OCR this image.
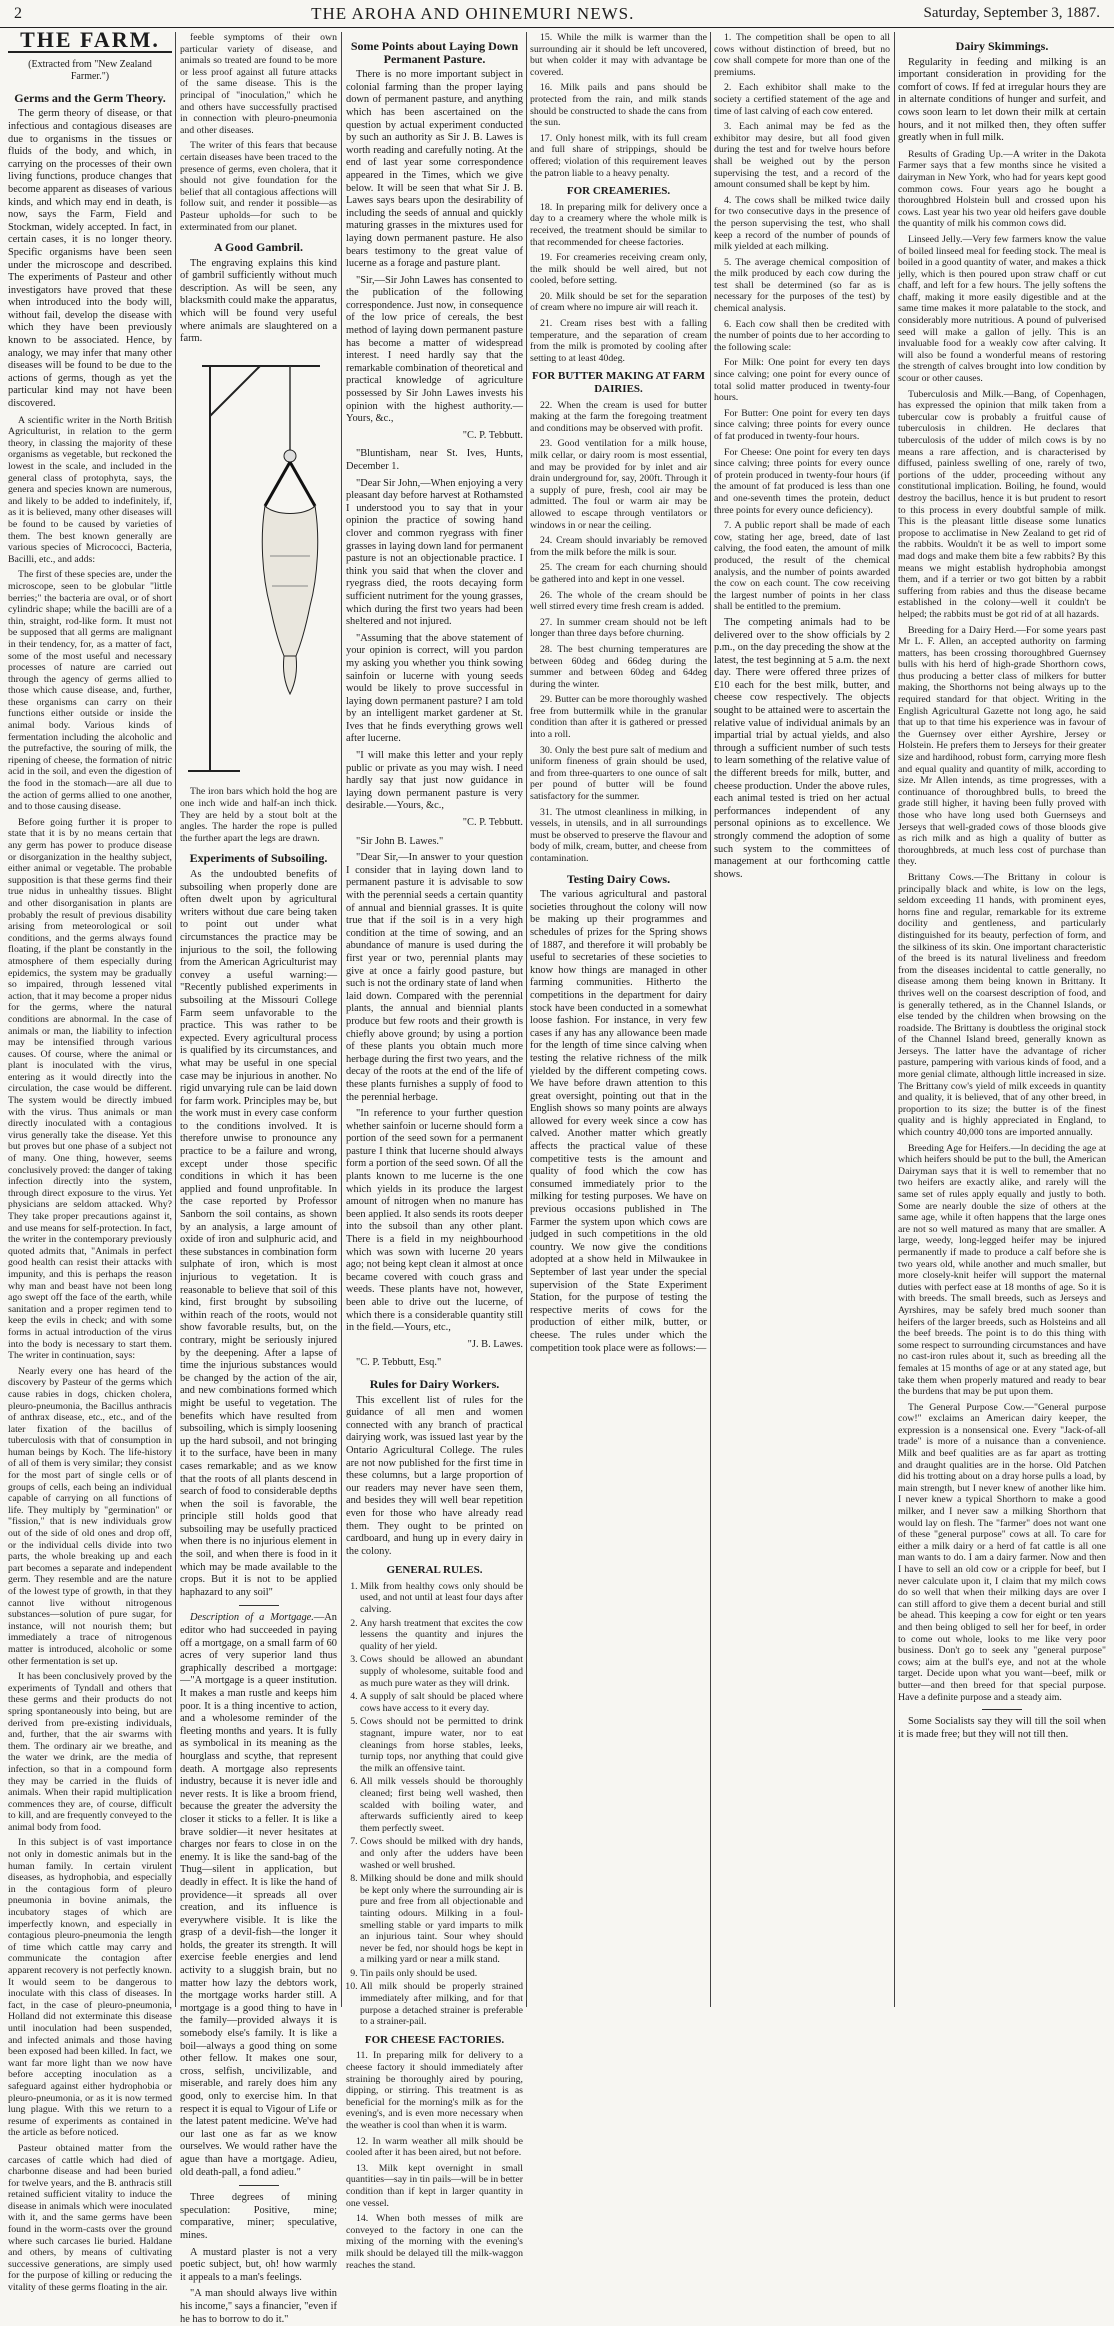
2	THE AROHA AND OHINEMURI NEWS.	Saturday, September 3, 1887.
THE FARM.
(Extracted from "New Zealand Farmer.")
Germs and the Germ Theory.

The germ theory of disease, or that infectious and contagious diseases are due to organisms in the tissues or fluids of the body, and which, in carrying on the processes of their own living functions, produce changes that become apparent as diseases of various kinds, and which may end in death, is now, says the Farm, Field and Stockman, widely accepted. In fact, in certain cases, it is no longer theory. Specific organisms have been seen under the microscope and described. The experiments of Pasteur and other investigators have proved that these when introduced into the body will, without fail, develop the disease with which they have been previously known to be associated. Hence, by analogy, we may infer that many other diseases will be found to be due to the actions of germs, though as yet the particular kind may not have been discovered.

A scientific writer in the North British Agriculturist, in relation to the germ theory, in classing the majority of these organisms as vegetable, but reckoned the lowest in the scale, and included in the general class of protophyta, says, the genera and species known are numerous, and likely to be added to indefinitely, if, as it is believed, many other diseases will be found to be caused by varieties of them. The best known generally are various species of Micrococci, Bacteria, Bacilli, etc., and adds:

The first of these species are, under the microscope, seen to be globular "little berries;" the bacteria are oval, or of short cylindric shape; while the bacilli are of a thin, straight, rod-like form. It must not be supposed that all germs are malignant in their tendency, for, as a matter of fact, some of the most useful and necessary processes of nature are carried out through the agency of germs allied to those which cause disease, and, further, these organisms can carry on their functions either outside or inside the animal body. Various kinds of fermentation including the alcoholic and the putrefactive, the souring of milk, the ripening of cheese, the formation of nitric acid in the soil, and even the digestion of the food in the stomach—are all due to the action of germs allied to one another, and to those causing disease.

Before going further it is proper to state that it is by no means certain that any germ has power to produce disease or disorganization in the healthy subject, either animal or vegetable. The probable supposition is that these germs find their true nidus in unhealthy tissues. Blight and other disorganisation in plants are probably the result of previous disability arising from meteorological or soil conditions, and the germs always found floating, if the plant be constantly in the atmosphere of them especially during epidemics, the system may be gradually so impaired, through lessened vital action, that it may become a proper nidus for the germs, where the natural conditions are abnormal. In the case of animals or man, the liability to infection may be intensified through various causes. Of course, where the animal or plant is inoculated with the virus, entering as it would directly into the circulation, the case would be different. The system would be directly imbued with the virus. Thus animals or man directly inoculated with a contagious virus generally take the disease. Yet this but proves but one phase of a subject not of many. One thing, however, seems conclusively proved: the danger of taking infection directly into the system, through direct exposure to the virus. Yet physicians are seldom attacked. Why? They take proper precautions against it, and use means for self-protection. In fact, the writer in the contemporary previously quoted admits that, "Animals in perfect good health can resist their attacks with impunity, and this is perhaps the reason why man and beast have not been long ago swept off the face of the earth, while sanitation and a proper regimen tend to keep the evils in check; and with some forms in actual introduction of the virus into the body is necessary to start them. The writer in continuation, says:

Nearly every one has heard of the discovery by Pasteur of the germs which cause rabies in dogs, chicken cholera, pleuro-pneumonia, the Bacillus anthracis of anthrax disease, etc., etc., and of the later fixation of the bacillus of tuberculosis with that of consumption in human beings by Koch. The life-history of all of them is very similar; they consist for the most part of single cells or of groups of cells, each being an individual capable of carrying on all functions of life. They multiply by "germination" or "fission," that is new individuals grow out of the side of old ones and drop off, or the individual cells divide into two parts, the whole breaking up and each part becomes a separate and independent germ. They resemble and are the nature of the lowest type of growth, in that they cannot live without nitrogenous substances—solution of pure sugar, for instance, will not nourish them; but immediately a trace of nitrogenous matter is introduced, alcoholic or some other fermentation is set up.

It has been conclusively proved by the experiments of Tyndall and others that these germs and their products do not spring spontaneously into being, but are derived from pre-existing individuals, and, further, that the air swarms with them. The ordinary air we breathe, and the water we drink, are the media of infection, so that in a compound form they may be carried in the fluids of animals. When their rapid multiplication commences they are, of course, difficult to kill, and are frequently conveyed to the animal body from food.

In this subject is of vast importance not only in domestic animals but in the human family. In certain virulent diseases, as hydrophobia, and especially in the contagious form of pleuro pneumonia in bovine animals, the incubatory stages of which are imperfectly known, and especially in contagious pleuro-pneumonia the length of time which cattle may carry and communicate the contagion after apparent recovery is not perfectly known. It would seem to be dangerous to inoculate with this class of diseases. In fact, in the case of pleuro-pneumonia, Holland did not exterminate this disease until inoculation had been suspended, and infected animals and those having been exposed had been killed. In fact, we want far more light than we now have before accepting inoculation as a safeguard against either hydrophobia or pleuro-pneumonia, or as it is now termed lung plague. With this we return to a resume of experiments as contained in the article as before noticed.

Pasteur obtained matter from the carcases of cattle which had died of charbonne disease and had been buried for twelve years, and the B. anthracis still retained sufficient vitality to induce the disease in animals which were inoculated with it, and the same germs have been found in the worm-casts over the ground where such carcases lie buried. Haldane and others, by means of cultivating successive generations, are simply used for the purpose of killing or reducing the vitality of these germs floating in the air.

feeble symptoms of their own particular variety of disease, and animals so treated are found to be more or less proof against all future attacks of the same disease. This is the principal of "inoculation," which he and others have successfully practised in connection with pleuro-pneumonia and other diseases.

The writer of this fears that because certain diseases have been traced to the presence of germs, even cholera, that it should not give foundation for the belief that all contagious affections will follow suit, and render it possible—as Pasteur upholds—for such to be exterminated from our planet.

A Good Gambril.

The engraving explains this kind of gambril sufficiently without much description. As will be seen, any blacksmith could make the apparatus, which will be found very useful where animals are slaughtered on a farm.

The iron bars which hold the hog are one inch wide and half-an inch thick. They are held by a stout bolt at the angles. The harder the rope is pulled the further apart the legs are drawn.

Experiments of Subsoiling.

As the undoubted benefits of subsoiling when properly done are often dwelt upon by agricultural writers without due care being taken to point out under what circumstances the practice may be injurious to the soil, the following from the American Agriculturist may convey a useful warning:— "Recently published experiments in subsoiling at the Missouri College Farm seem unfavorable to the practice. This was rather to be expected. Every agricultural process is qualified by its circumstances, and what may be useful in one special case may be injurious in another. No rigid unvarying rule can be laid down for farm work. Principles may be, but the work must in every case conform to the conditions involved. It is therefore unwise to pronounce any practice to be a failure and wrong, except under those specific conditions in which it has been applied and found unprofitable. In the case reported by Professor Sanborn the soil contains, as shown by an analysis, a large amount of oxide of iron and sulphuric acid, and these substances in combination form sulphate of iron, which is most injurious to vegetation. It is reasonable to believe that soil of this kind, first brought by subsoiling within reach of the roots, would not show favorable results, but, on the contrary, might be seriously injured by the deepening. After a lapse of time the injurious substances would be changed by the action of the air, and new combinations formed which might be useful to vegetation. The benefits which have resulted from subsoiling, which is simply loosening up the hard subsoil, and not bringing it to the surface, have been in many cases remarkable; and as we know that the roots of all plants descend in search of food to considerable depths when the soil is favorable, the principle still holds good that subsoiling may be usefully practiced when there is no injurious element in the soil, and when there is food in it which may be made available to the crops. But it is not to be applied haphazard to any soil"

Description of a Mortgage.—An editor who had succeeded in paying off a mortgage, on a small farm of 60 acres of very superior land thus graphically described a mortgage:—"A mortgage is a queer institution. It makes a man rustle and keeps him poor. It is a thing incentive to action, and a wholesome reminder of the fleeting months and years. It is fully as symbolical in its meaning as the hourglass and scythe, that represent death. A mortgage also represents industry, because it is never idle and never rests. It is like a broom friend, because the greater the adversity the closer it sticks to a feller. It is like a brave soldier—it never hesitates at charges nor fears to close in on the enemy. It is like the sand-bag of the Thug—silent in application, but deadly in effect. It is like the hand of providence—it spreads all over creation, and its influence is everywhere visible. It is like the grasp of a devil-fish—the longer it holds, the greater its strength. It will exercise feeble energies and lend activity to a sluggish brain, but no matter how lazy the debtors work, the mortgage works harder still. A mortgage is a good thing to have in the family—provided always it is somebody else's family. It is like a boil—always a good thing on some other fellow. It makes one sour, cross, selfish, uncivilizable, and miserable, and rarely does him any good, only to exercise him. In that respect it is equal to Vigour of Life or the latest patent medicine. We've had our last one as far as we know ourselves. We would rather have the ague than have a mortgage. Adieu, old death-pall, a fond adieu."

Three degrees of mining speculation: Positive, mine; comparative, miner; speculative, mines.

A mustard plaster is not a very poetic subject, but, oh! how warmly it appeals to a man's feelings.

"A man should always live within his income," says a financier, "even if he has to borrow to do it."

Some Points about Laying Down Permanent Pasture.

There is no more important subject in colonial farming than the proper laying down of permanent pasture, and anything which has been ascertained on the question by actual experiment conducted by such an authority as Sir J. B. Lawes is worth reading and carefully noting. At the end of last year some correspondence appeared in the Times, which we give below. It will be seen that what Sir J. B. Lawes says bears upon the desirability of including the seeds of annual and quickly maturing grasses in the mixtures used for laying down permanent pasture. He also bears testimony to the great value of lucerne as a forage and pasture plant.

"Sir,—Sir John Lawes has consented to the publication of the following correspondence. Just now, in consequence of the low price of cereals, the best method of laying down permanent pasture has become a matter of widespread interest. I need hardly say that the remarkable combination of theoretical and practical knowledge of agriculture possessed by Sir John Lawes invests his opinion with the highest authority.—Yours, &c.,

"C. P. Tebbutt.

"Bluntisham, near St. Ives, Hunts, December 1.

"Dear Sir John,—When enjoying a very pleasant day before harvest at Rothamsted I understood you to say that in your opinion the practice of sowing hand clover and common ryegrass with finer grasses in laying down land for permanent pasture is not an objectionable practice. I think you said that when the clover and ryegrass died, the roots decaying form sufficient nutriment for the young grasses, which during the first two years had been sheltered and not injured.

"Assuming that the above statement of your opinion is correct, will you pardon my asking you whether you think sowing sainfoin or lucerne with young seeds would be likely to prove successful in laying down permanent pasture? I am told by an intelligent market gardener at St. Ives that he finds everything grows well after lucerne.

"I will make this letter and your reply public or private as you may wish. I need hardly say that just now guidance in laying down permanent pasture is very desirable.—Yours, &c.,

"C. P. Tebbutt.

"Sir John B. Lawes."

"Dear Sir,—In answer to your question I consider that in laying down land to permanent pasture it is advisable to sow with the perennial seeds a certain quantity of annual and biennial grasses. It is quite true that if the soil is in a very high condition at the time of sowing, and an abundance of manure is used during the first year or two, perennial plants may give at once a fairly good pasture, but such is not the ordinary state of land when laid down. Compared with the perennial plants, the annual and biennial plants produce but few roots and their growth is chiefly above ground; by using a portion of these plants you obtain much more herbage during the first two years, and the decay of the roots at the end of the life of these plants furnishes a supply of food to the perennial herbage.

"In reference to your further question whether sainfoin or lucerne should form a portion of the seed sown for a permanent pasture I think that lucerne should always form a portion of the seed sown. Of all the plants known to me lucerne is the one which yields in its produce the largest amount of nitrogen when no manure has been applied. It also sends its roots deeper into the subsoil than any other plant. There is a field in my neighbourhood which was sown with lucerne 20 years ago; not being kept clean it almost at once became covered with couch grass and weeds. These plants have not, however, been able to drive out the lucerne, of which there is a considerable quantity still in the field.—Yours, etc.,

"J. B. Lawes.

"C. P. Tebbutt, Esq."

Rules for Dairy Workers.

This excellent list of rules for the guidance of all men and women connected with any branch of practical dairying work, was issued last year by the Ontario Agricultural College. The rules are not now published for the first time in these columns, but a large proportion of our readers may never have seen them, and besides they will well bear repetition even for those who have already read them. They ought to be printed on cardboard, and hung up in every dairy in the colony.

GENERAL RULES.
1. Milk from healthy cows only should be used, and not until at least four days after calving.
2. Any harsh treatment that excites the cow lessens the quantity and injures the quality of her yield.
3. Cows should be allowed an abundant supply of wholesome, suitable food and as much pure water as they will drink.
4. A supply of salt should be placed where cows have access to it every day.
5. Cows should not be permitted to drink stagnant, impure water, nor to eat cleanings from horse stables, leeks, turnip tops, nor anything that could give the milk an offensive taint.
6. All milk vessels should be thoroughly cleaned; first being well washed, then scalded with boiling water, and afterwards sufficiently aired to keep them perfectly sweet.
7. Cows should be milked with dry hands, and only after the udders have been washed or well brushed.
8. Milking should be done and milk should be kept only where the surrounding air is pure and free from all objectionable and tainting odours. Milking in a foul-smelling stable or yard imparts to milk an injurious taint. Sour whey should never be fed, nor should hogs be kept in a milking yard or near a milk stand.
9. Tin pails only should be used.
10. All milk should be properly strained immediately after milking, and for that purpose a detached strainer is preferable to a strainer-pail.
FOR CHEESE FACTORIES.

11. In preparing milk for delivery to a cheese factory it should immediately after straining be thoroughly aired by pouring, dipping, or stirring. This treatment is as beneficial for the morning's milk as for the evening's, and is even more necessary when the weather is cool than when it is warm.

12. In warm weather all milk should be cooled after it has been aired, but not before.

13. Milk kept overnight in small quantities—say in tin pails—will be in better condition than if kept in larger quantity in one vessel.

14. When both messes of milk are conveyed to the factory in one can the mixing of the morning with the evening's milk should be delayed till the milk-waggon reaches the stand.

15. While the milk is warmer than the surrounding air it should be left uncovered, but when colder it may with advantage be covered.

16. Milk pails and pans should be protected from the rain, and milk stands should be constructed to shade the cans from the sun.

17. Only honest milk, with its full cream and full share of strippings, should be offered; violation of this requirement leaves the patron liable to a heavy penalty.

FOR CREAMERIES.

18. In preparing milk for delivery once a day to a creamery where the whole milk is received, the treatment should be similar to that recommended for cheese factories.

19. For creameries receiving cream only, the milk should be well aired, but not cooled, before setting.

20. Milk should be set for the separation of cream where no impure air will reach it.

21. Cream rises best with a falling temperature, and the separation of cream from the milk is promoted by cooling after setting to at least 40deg.

FOR BUTTER MAKING AT FARM DAIRIES.

22. When the cream is used for butter making at the farm the foregoing treatment and conditions may be observed with profit.

23. Good ventilation for a milk house, milk cellar, or dairy room is most essential, and may be provided for by inlet and air drain underground for, say, 200ft. Through it a supply of pure, fresh, cool air may be admitted. The foul or warm air may be allowed to escape through ventilators or windows in or near the ceiling.

24. Cream should invariably be removed from the milk before the milk is sour.

25. The cream for each churning should be gathered into and kept in one vessel.

26. The whole of the cream should be well stirred every time fresh cream is added.

27. In summer cream should not be left longer than three days before churning.

28. The best churning temperatures are between 60deg and 66deg during the summer and between 60deg and 64deg during the winter.

29. Butter can be more thoroughly washed free from buttermilk while in the granular condition than after it is gathered or pressed into a roll.

30. Only the best pure salt of medium and uniform fineness of grain should be used, and from three-quarters to one ounce of salt per pound of butter will be found satisfactory for the summer.

31. The utmost cleanliness in milking, in vessels, in utensils, and in all surroundings must be observed to preserve the flavour and body of milk, cream, butter, and cheese from contamination.

Testing Dairy Cows.

The various agricultural and pastoral societies throughout the colony will now be making up their programmes and schedules of prizes for the Spring shows of 1887, and therefore it will probably be useful to secretaries of these societies to know how things are managed in other farming communities. Hitherto the competitions in the department for dairy stock have been conducted in a somewhat loose fashion. For instance, in very few cases if any has any allowance been made for the length of time since calving when testing the relative richness of the milk yielded by the different competing cows. We have before drawn attention to this great oversight, pointing out that in the English shows so many points are always allowed for every week since a cow has calved. Another matter which greatly affects the practical value of these competitive tests is the amount and quality of food which the cow has consumed immediately prior to the milking for testing purposes. We have on previous occasions published in The Farmer the system upon which cows are judged in such competitions in the old country. We now give the conditions adopted at a show held in Milwaukee in September of last year under the special supervision of the State Experiment Station, for the purpose of testing the respective merits of cows for the production of either milk, butter, or cheese. The rules under which the competition took place were as follows:—

1. The competition shall be open to all cows without distinction of breed, but no cow shall compete for more than one of the premiums.

2. Each exhibitor shall make to the society a certified statement of the age and time of last calving of each cow entered.

3. Each animal may be fed as the exhibitor may desire, but all food given during the test and for twelve hours before shall be weighed out by the person supervising the test, and a record of the amount consumed shall be kept by him.

4. The cows shall be milked twice daily for two consecutive days in the presence of the person supervising the test, who shall keep a record of the number of pounds of milk yielded at each milking.

5. The average chemical composition of the milk produced by each cow during the test shall be determined (so far as is necessary for the purposes of the test) by chemical analysis.

6. Each cow shall then be credited with the number of points due to her according to the following scale:

For Milk: One point for every ten days since calving; one point for every ounce of total solid matter produced in twenty-four hours.

For Butter: One point for every ten days since calving; three points for every ounce of fat produced in twenty-four hours.

For Cheese: One point for every ten days since calving; three points for every ounce of protein produced in twenty-four hours (if the amount of fat produced is less than one and one-seventh times the protein, deduct three points for every ounce deficiency).

7. A public report shall be made of each cow, stating her age, breed, date of last calving, the food eaten, the amount of milk produced, the result of the chemical analysis, and the number of points awarded the cow on each count. The cow receiving the largest number of points in her class shall be entitled to the premium.

The competing animals had to be delivered over to the show officials by 2 p.m., on the day preceding the show at the latest, the test beginning at 5 a.m. the next day. There were offered three prizes of £10 each for the best milk, butter, and cheese cow respectively. The objects sought to be attained were to ascertain the relative value of individual animals by an impartial trial by actual yields, and also through a sufficient number of such tests to learn something of the relative value of the different breeds for milk, butter, and cheese production. Under the above rules, each animal tested is tried on her actual performances independent of any personal opinions as to excellence. We strongly commend the adoption of some such system to the committees of management at our forthcoming cattle shows.

Dairy Skimmings.

Regularity in feeding and milking is an important consideration in providing for the comfort of cows. If fed at irregular hours they are in alternate conditions of hunger and surfeit, and cows soon learn to let down their milk at certain hours, and it not milked then, they often suffer greatly when in full milk.

Results of Grading Up.—A writer in the Dakota Farmer says that a few months since he visited a dairyman in New York, who had for years kept good common cows. Four years ago he bought a thoroughbred Holstein bull and crossed upon his cows. Last year his two year old heifers gave double the quantity of milk his common cows did.

Linseed Jelly.—Very few farmers know the value of boiled linseed meal for feeding stock. The meal is boiled in a good quantity of water, and makes a thick jelly, which is then poured upon straw chaff or cut chaff, and left for a few hours. The jelly softens the chaff, making it more easily digestible and at the same time makes it more palatable to the stock, and considerably more nutritious. A pound of pulverised seed will make a gallon of jelly. This is an invaluable food for a weakly cow after calving. It will also be found a wonderful means of restoring the strength of calves brought into low condition by scour or other causes.

Tuberculosis and Milk.—Bang, of Copenhagen, has expressed the opinion that milk taken from a tubercular cow is probably a fruitful cause of tuberculosis in children. He declares that tuberculosis of the udder of milch cows is by no means a rare affection, and is characterised by diffused, painless swelling of one, rarely of two, portions of the udder, proceeding without any constitutional implication. Boiling, he found, would destroy the bacillus, hence it is but prudent to resort to this process in every doubtful sample of milk. This is the pleasant little disease some lunatics propose to acclimatise in New Zealand to get rid of the rabbits. Wouldn't it be as well to import some mad dogs and make them bite a few rabbits? By this means we might establish hydrophobia amongst them, and if a terrier or two got bitten by a rabbit suffering from rabies and thus the disease became established in the colony—well it couldn't be helped; the rabbits must be got rid of at all hazards.

Breeding for a Dairy Herd.—For some years past Mr L. F. Allen, an accepted authority on farming matters, has been crossing thoroughbred Guernsey bulls with his herd of high-grade Shorthorn cows, thus producing a better class of milkers for butter making, the Shorthorns not being always up to the required standard for that object. Writing in the English Agricultural Gazette not long ago, he said that up to that time his experience was in favour of the Guernsey over either Ayrshire, Jersey or Holstein. He prefers them to Jerseys for their greater size and hardihood, robust form, carrying more flesh and equal quality and quantity of milk, according to size. Mr Allen intends, as time progresses, with a continuance of thoroughbred bulls, to breed the grade still higher, it having been fully proved with those who have long used both Guernseys and Jerseys that well-graded cows of those bloods give as rich milk and as high a quality of butter as thoroughbreds, at much less cost of purchase than they.

Brittany Cows.—The Brittany in colour is principally black and white, is low on the legs, seldom exceeding 11 hands, with prominent eyes, horns fine and regular, remarkable for its extreme docility and gentleness, and particularly distinguished for its beauty, perfection of form, and the silkiness of its skin. One important characteristic of the breed is its natural liveliness and freedom from the diseases incidental to cattle generally, no disease among them being known in Brittany. It thrives well on the coarsest description of food, and is generally tethered, as in the Channel Islands, or else tended by the children when browsing on the roadside. The Brittany is doubtless the original stock of the Channel Island breed, generally known as Jerseys. The latter have the advantage of richer pasture, pampering with various kinds of food, and a more genial climate, although little increased in size. The Brittany cow's yield of milk exceeds in quantity and quality, it is believed, that of any other breed, in proportion to its size; the butter is of the finest quality and is highly appreciated in England, to which country 40,000 tons are imported annually.

Breeding Age for Heifers.—In deciding the age at which heifers should be put to the bull, the American Dairyman says that it is well to remember that no two heifers are exactly alike, and rarely will the same set of rules apply equally and justly to both. Some are nearly double the size of others at the same age, while it often happens that the large ones are not so well matured as many that are smaller. A large, weedy, long-legged heifer may be injured permanently if made to produce a calf before she is two years old, while another and much smaller, but more closely-knit heifer will support the maternal duties with perfect ease at 18 months of age. So it is with breeds. The small breeds, such as Jerseys and Ayrshires, may be safely bred much sooner than heifers of the larger breeds, such as Holsteins and all the beef breeds. The point is to do this thing with some respect to surrounding circumstances and have no cast-iron rules about it, such as breeding all the females at 15 months of age or at any stated age, but take them when properly matured and ready to bear the burdens that may be put upon them.

The General Purpose Cow.—"General purpose cow!" exclaims an American dairy keeper, the expression is a nonsensical one. Every "Jack-of-all trade" is more of a nuisance than a convenience. Milk and beef qualities are as far apart as trotting and draught qualities are in the horse. Old Patchen did his trotting about on a dray horse pulls a load, by main strength, but I never knew of another like him. I never knew a typical Shorthorn to make a good milker, and I never saw a milking Shorthorn that would lay on flesh. The "farmer" does not want one of these "general purpose" cows at all. To care for either a milk dairy or a herd of fat cattle is all one man wants to do. I am a dairy farmer. Now and then I have to sell an old cow or a cripple for beef, but I never calculate upon it, I claim that my milch cows do so well that when their milking days are over I can still afford to give them a decent burial and still be ahead. This keeping a cow for eight or ten years and then being obliged to sell her for beef, in order to come out whole, looks to me like very poor business. Don't go to seek any "general purpose" cows; aim at the bull's eye, and not at the whole target. Decide upon what you want—beef, milk or butter—and then breed for that special purpose. Have a definite purpose and a steady aim.

Some Socialists say they will till the soil when it is made free; but they will not till then.
